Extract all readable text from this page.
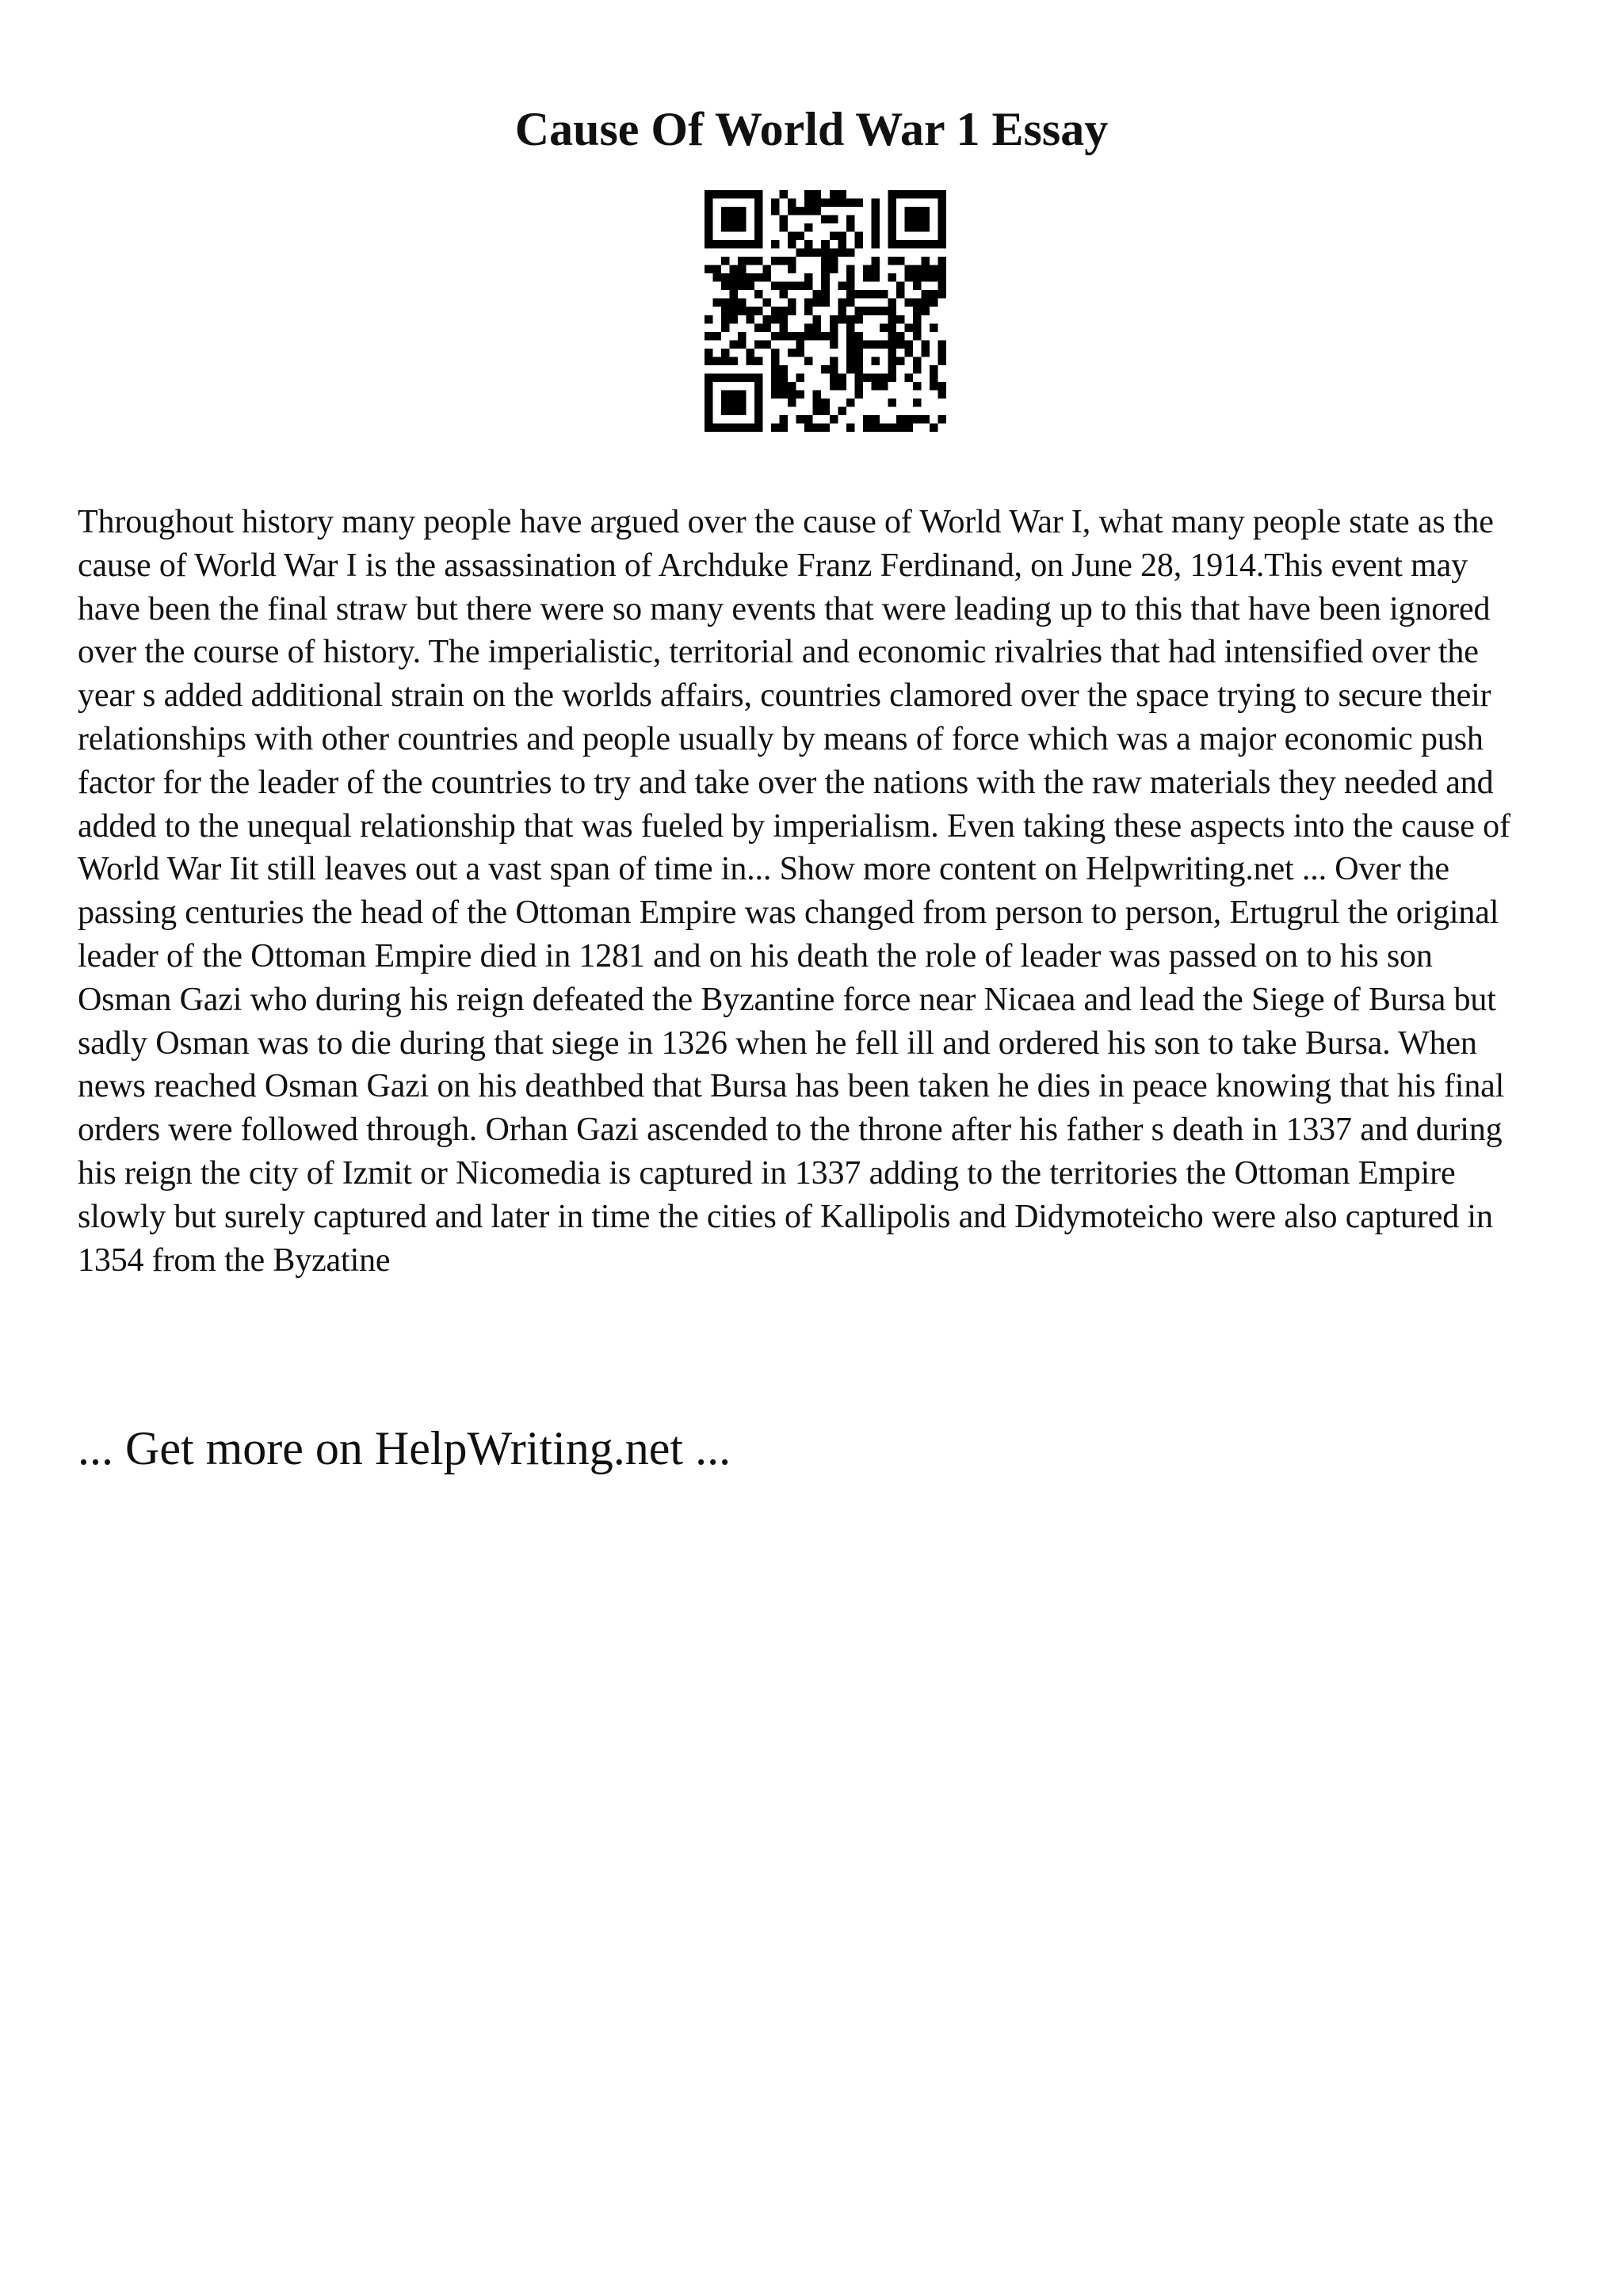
Cause Of World War 1 Essay

Throughout history many people have argued over the cause of World War I, what many people state as the cause of World War I is the assassination of Archduke Franz Ferdinand, on June 28, 1914.This event may have been the final straw but there were so many events that were leading up to this that have been ignored over the course of history. The imperialistic, territorial and economic rivalries that had intensified over the year s added additional strain on the worlds affairs, countries clamored over the space trying to secure their relationships with other countries and people usually by means of force which was a major economic push factor for the leader of the countries to try and take over the nations with the raw materials they needed and added to the unequal relationship that was fueled by imperialism. Even taking these aspects into the cause of World War Iit still leaves out a vast span of time in... Show more content on Helpwriting.net ... Over the passing centuries the head of the Ottoman Empire was changed from person to person, Ertugrul the original leader of the Ottoman Empire died in 1281 and on his death the role of leader was passed on to his son Osman Gazi who during his reign defeated the Byzantine force near Nicaea and lead the Siege of Bursa but sadly Osman was to die during that siege in 1326 when he fell ill and ordered his son to take Bursa. When news reached Osman Gazi on his deathbed that Bursa has been taken he dies in peace knowing that his final orders were followed through. Orhan Gazi ascended to the throne after his father s death in 1337 and during his reign the city of Izmit or Nicomedia is captured in 1337 adding to the territories the Ottoman Empire slowly but surely captured and later in time the cities of Kallipolis and Didymoteicho were also captured in 1354 from the Byzatine

... Get more on HelpWriting.net ...
